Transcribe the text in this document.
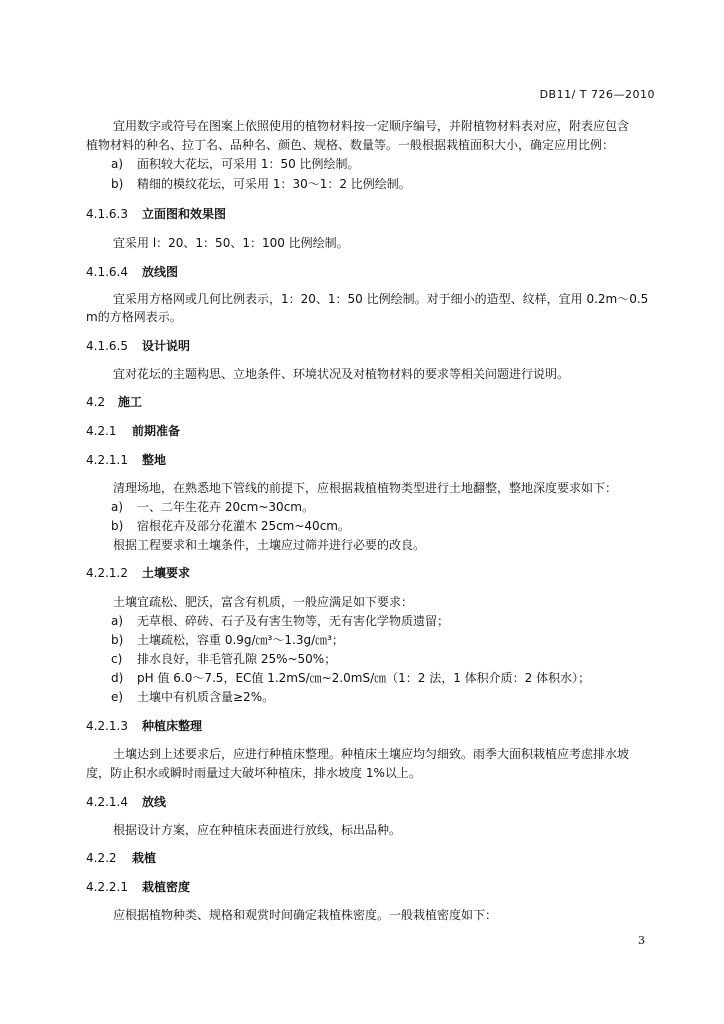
DB11/ T 726—2010
宜用数字或符号在图案上依照使用的植物材料按一定顺序编号，并附植物材料表对应，附表应包含
植物材料的种名、拉丁名、品种名、颜色、规格、数量等。一般根据栽植面积大小，确定应用比例：
a) 面积较大花坛，可采用 1：50 比例绘制。
b) 精细的模纹花坛，可采用 1：30～1：2 比例绘制。
4.1.6.3 立面图和效果图
宜采用 l：20、1：50、1：100 比例绘制。
4.1.6.4 放线图
宜采用方格网或几何比例表示，1：20、1：50 比例绘制。对于细小的造型、纹样，宜用 0.2m～0.5
m的方格网表示。
4.1.6.5 设计说明
宜对花坛的主题构思、立地条件、环境状况及对植物材料的要求等相关问题进行说明。
4.2 施工
4.2.1 前期准备
4.2.1.1 整地
清理场地，在熟悉地下管线的前提下，应根据栽植植物类型进行土地翻整，整地深度要求如下：
a) 一、二年生花卉 20cm~30cm。
b) 宿根花卉及部分花灌木 25cm~40cm。
根据工程要求和土壤条件，土壤应过筛并进行必要的改良。
4.2.1.2 土壤要求
土壤宜疏松、肥沃，富含有机质，一般应满足如下要求：
a) 无草根、碎砖、石子及有害生物等，无有害化学物质遗留；
b) 土壤疏松，容重 0.9g/㎝³～1.3g/㎝³；
c) 排水良好，非毛管孔隙 25%~50%；
d) pH 值 6.0～7.5，EC值 1.2mS/㎝~2.0mS/㎝（1：2 法，1 体积介质：2 体积水）；
e) 土壤中有机质含量≥2%。
4.2.1.3 种植床整理
土壤达到上述要求后，应进行种植床整理。种植床土壤应均匀细致。雨季大面积栽植应考虑排水坡
度，防止积水或瞬时雨量过大破坏种植床，排水坡度 1%以上。
4.2.1.4 放线
根据设计方案，应在种植床表面进行放线，标出品种。
4.2.2 栽植
4.2.2.1 栽植密度
应根据植物种类、规格和观赏时间确定栽植株密度。一般栽植密度如下：
3
